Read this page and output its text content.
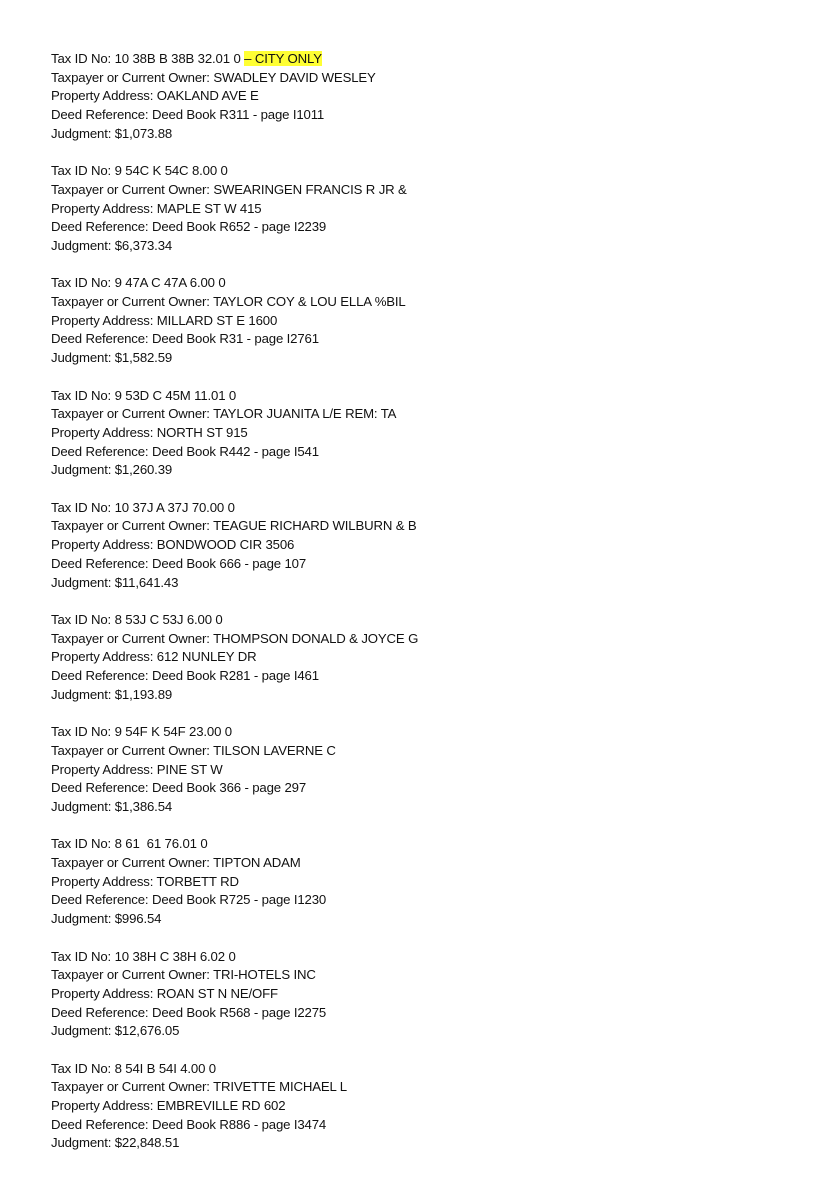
Tax ID No: 10 38B B 38B 32.01 0 – CITY ONLY
Taxpayer or Current Owner: SWADLEY DAVID WESLEY
Property Address: OAKLAND AVE E
Deed Reference: Deed Book R311 - page I1011
Judgment: $1,073.88
Tax ID No: 9 54C K 54C 8.00 0
Taxpayer or Current Owner: SWEARINGEN FRANCIS R JR &
Property Address: MAPLE ST W 415
Deed Reference: Deed Book R652 - page I2239
Judgment: $6,373.34
Tax ID No: 9 47A C 47A 6.00 0
Taxpayer or Current Owner: TAYLOR COY & LOU ELLA %BIL
Property Address: MILLARD ST E 1600
Deed Reference: Deed Book R31 - page I2761
Judgment: $1,582.59
Tax ID No: 9 53D C 45M 11.01 0
Taxpayer or Current Owner: TAYLOR JUANITA L/E REM: TA
Property Address: NORTH ST 915
Deed Reference: Deed Book R442 - page I541
Judgment: $1,260.39
Tax ID No: 10 37J A 37J 70.00 0
Taxpayer or Current Owner: TEAGUE RICHARD WILBURN & B
Property Address: BONDWOOD CIR 3506
Deed Reference: Deed Book 666 - page 107
Judgment: $11,641.43
Tax ID No: 8 53J C 53J 6.00 0
Taxpayer or Current Owner: THOMPSON DONALD & JOYCE G
Property Address: 612 NUNLEY DR
Deed Reference: Deed Book R281 - page I461
Judgment: $1,193.89
Tax ID No: 9 54F K 54F 23.00 0
Taxpayer or Current Owner: TILSON LAVERNE C
Property Address: PINE ST W
Deed Reference: Deed Book 366 - page 297
Judgment: $1,386.54
Tax ID No: 8 61  61 76.01 0
Taxpayer or Current Owner: TIPTON ADAM
Property Address: TORBETT RD
Deed Reference: Deed Book R725 - page I1230
Judgment: $996.54
Tax ID No: 10 38H C 38H 6.02 0
Taxpayer or Current Owner: TRI-HOTELS INC
Property Address: ROAN ST N NE/OFF
Deed Reference: Deed Book R568 - page I2275
Judgment: $12,676.05
Tax ID No: 8 54I B 54I 4.00 0
Taxpayer or Current Owner: TRIVETTE MICHAEL L
Property Address: EMBREVILLE RD 602
Deed Reference: Deed Book R886 - page I3474
Judgment: $22,848.51
